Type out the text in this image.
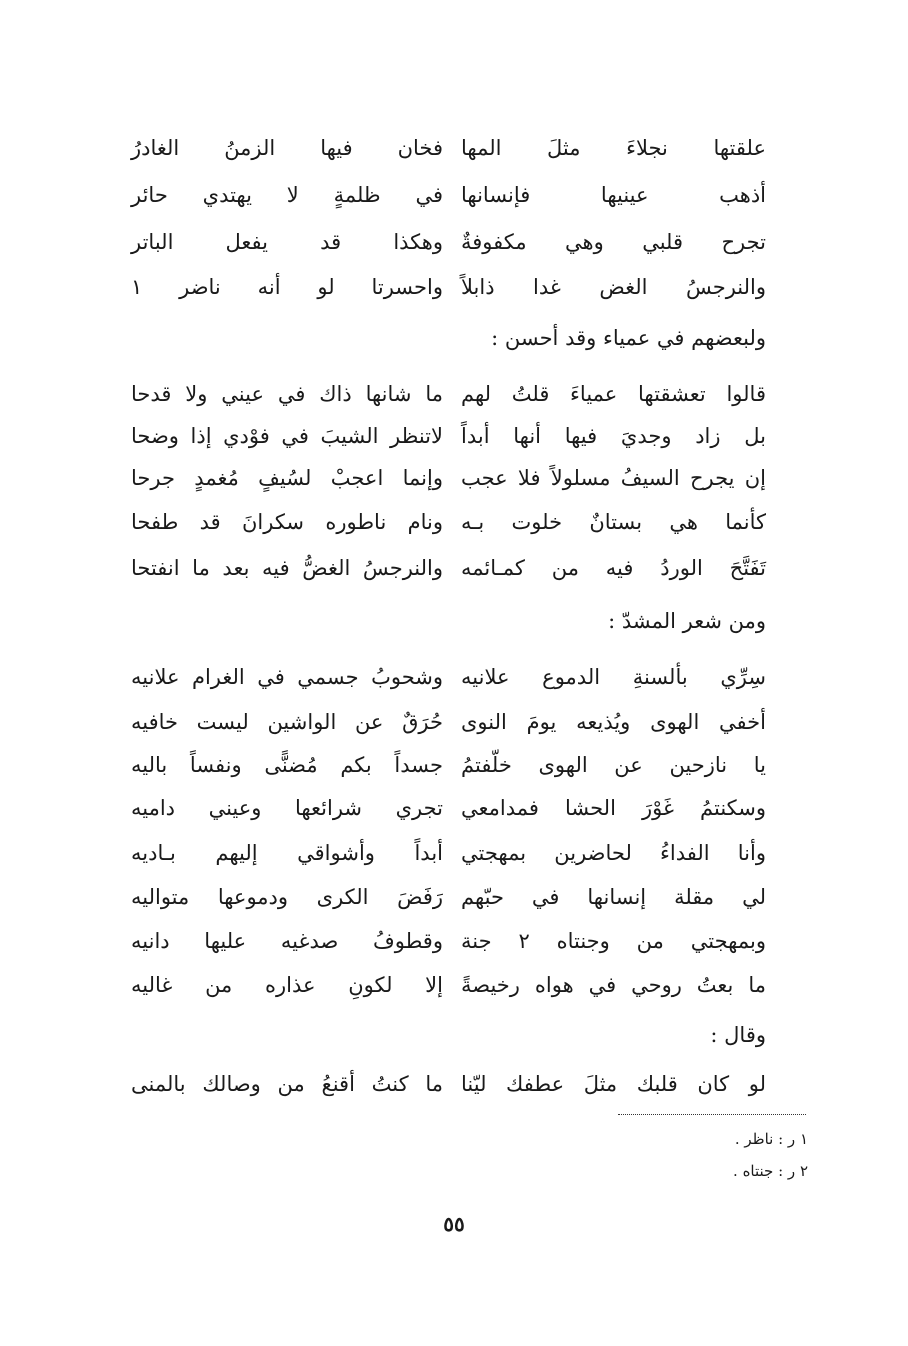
علقتها نجلاءَ مثلَ المها
فخان فيها الزمنُ الغادرُ
أذهب عينيها فإنسانها
في ظلمةٍ لا يهتدي حائر
تجرح قلبي وهي مكفوفةٌ
وهكذا قد يفعل الباتر
والنرجسُ الغض غدا ذابلاً
واحسرتا لو أنه ناضر ١
ولبعضهم في عمياء وقد أحسن :
قالوا تعشقتها عمياءَ قلتُ لهم
ما شانها ذاك في عيني ولا قدحا
بل زاد وجديَ فيها أنها أبداً
لاتنظر الشيبَ في فوْدي إذا وضحا
إن يجرح السيفُ مسلولاً فلا عجب
وإنما اعجبْ لسُيفٍ مُغمدٍ جرحا
كأنما هي بستانٌ خلوت بـه
ونام ناطوره سكرانَ قد طفحا
تَفَتَّحَ الوردُ فيه من كمـائمه
والنرجسُ الغضُّ فيه بعد ما انفتحا
ومن شعر المشدّ :
سِرِّي بألسنةِ الدموع علانيه
وشحوبُ جسمي في الغرام علانيه
أخفي الهوى ويُذيعه يومَ النوى
حُرَقٌ عن الواشين ليست خافيه
يا نازحين عن الهوى خلّفتمُ
جسداً بكم مُضنًّى ونفساً باليه
وسكنتمُ غَوْرَ الحشا فمدامعي
تجري شرائعها وعيني داميه
وأنا الفداءُ لحاضرين بمهجتي
أبداً وأشواقي إليهم بـاديه
لي مقلة إنسانها في حبّهم
رَفَضَ الكرى ودموعها متواليه
وبمهجتي من وجنتاه ٢ جنة
وقطوفُ صدغيه عليها دانيه
ما بعتُ روحي في هواه رخيصةً
إلا لكونِ عذاره من غاليه
وقال :
لو كان قلبك مثلَ عطفك ليّنا
ما كنتُ أقنعُ من وصالك بالمنى
١ ر : ناظر .
٢ ر : جنتاه .
٥٥
